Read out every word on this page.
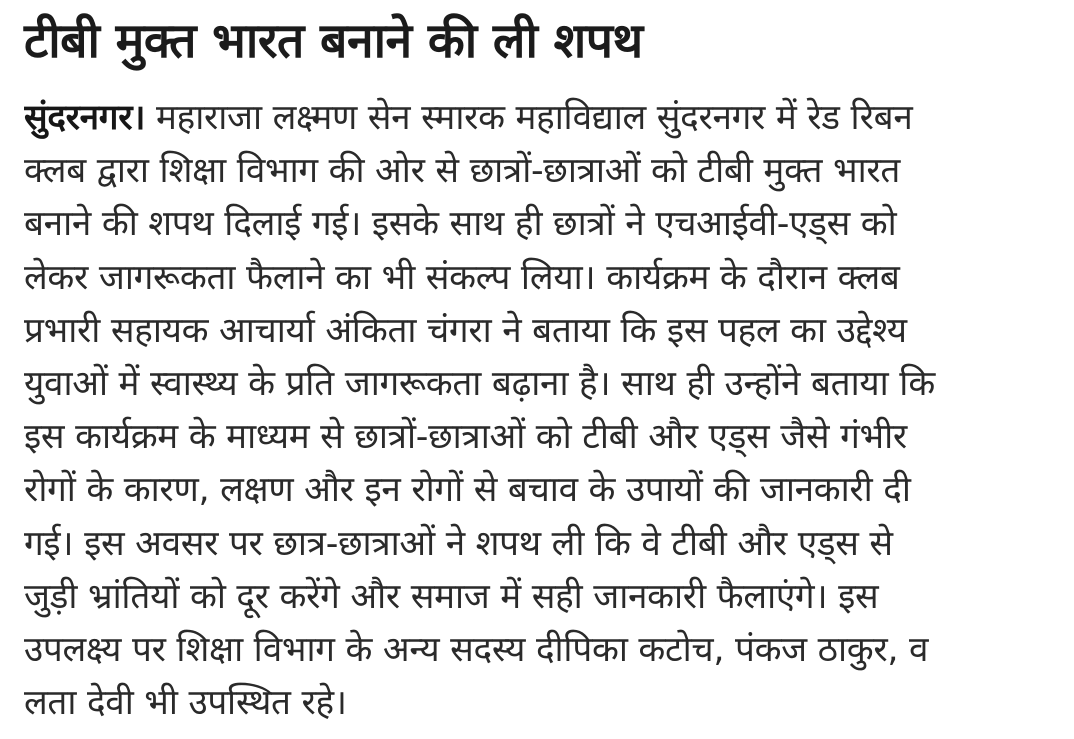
टीबी मुक्त भारत बनाने की ली शपथ
सुंदरनगर। महाराजा लक्ष्मण सेन स्मारक महाविद्याल सुंदरनगर में रेड रिबन
क्लब द्वारा शिक्षा विभाग की ओर से छात्रों-छात्राओं को टीबी मुक्त भारत
बनाने की शपथ दिलाई गई। इसके साथ ही छात्रों ने एचआईवी-एड्स को
लेकर जागरूकता फैलाने का भी संकल्प लिया। कार्यक्रम के दौरान क्लब
प्रभारी सहायक आचार्या अंकिता चंगरा ने बताया कि इस पहल का उद्देश्य
युवाओं में स्वास्थ्य के प्रति जागरूकता बढ़ाना है। साथ ही उन्होंने बताया कि
इस कार्यक्रम के माध्यम से छात्रों-छात्राओं को टीबी और एड्स जैसे गंभीर
रोगों के कारण, लक्षण और इन रोगों से बचाव के उपायों की जानकारी दी
गई। इस अवसर पर छात्र-छात्राओं ने शपथ ली कि वे टीबी और एड्स से
जुड़ी भ्रांतियों को दूर करेंगे और समाज में सही जानकारी फैलाएंगे। इस
उपलक्ष्य पर शिक्षा विभाग के अन्य सदस्य दीपिका कटोच, पंकज ठाकुर, व
लता देवी भी उपस्थित रहे।
